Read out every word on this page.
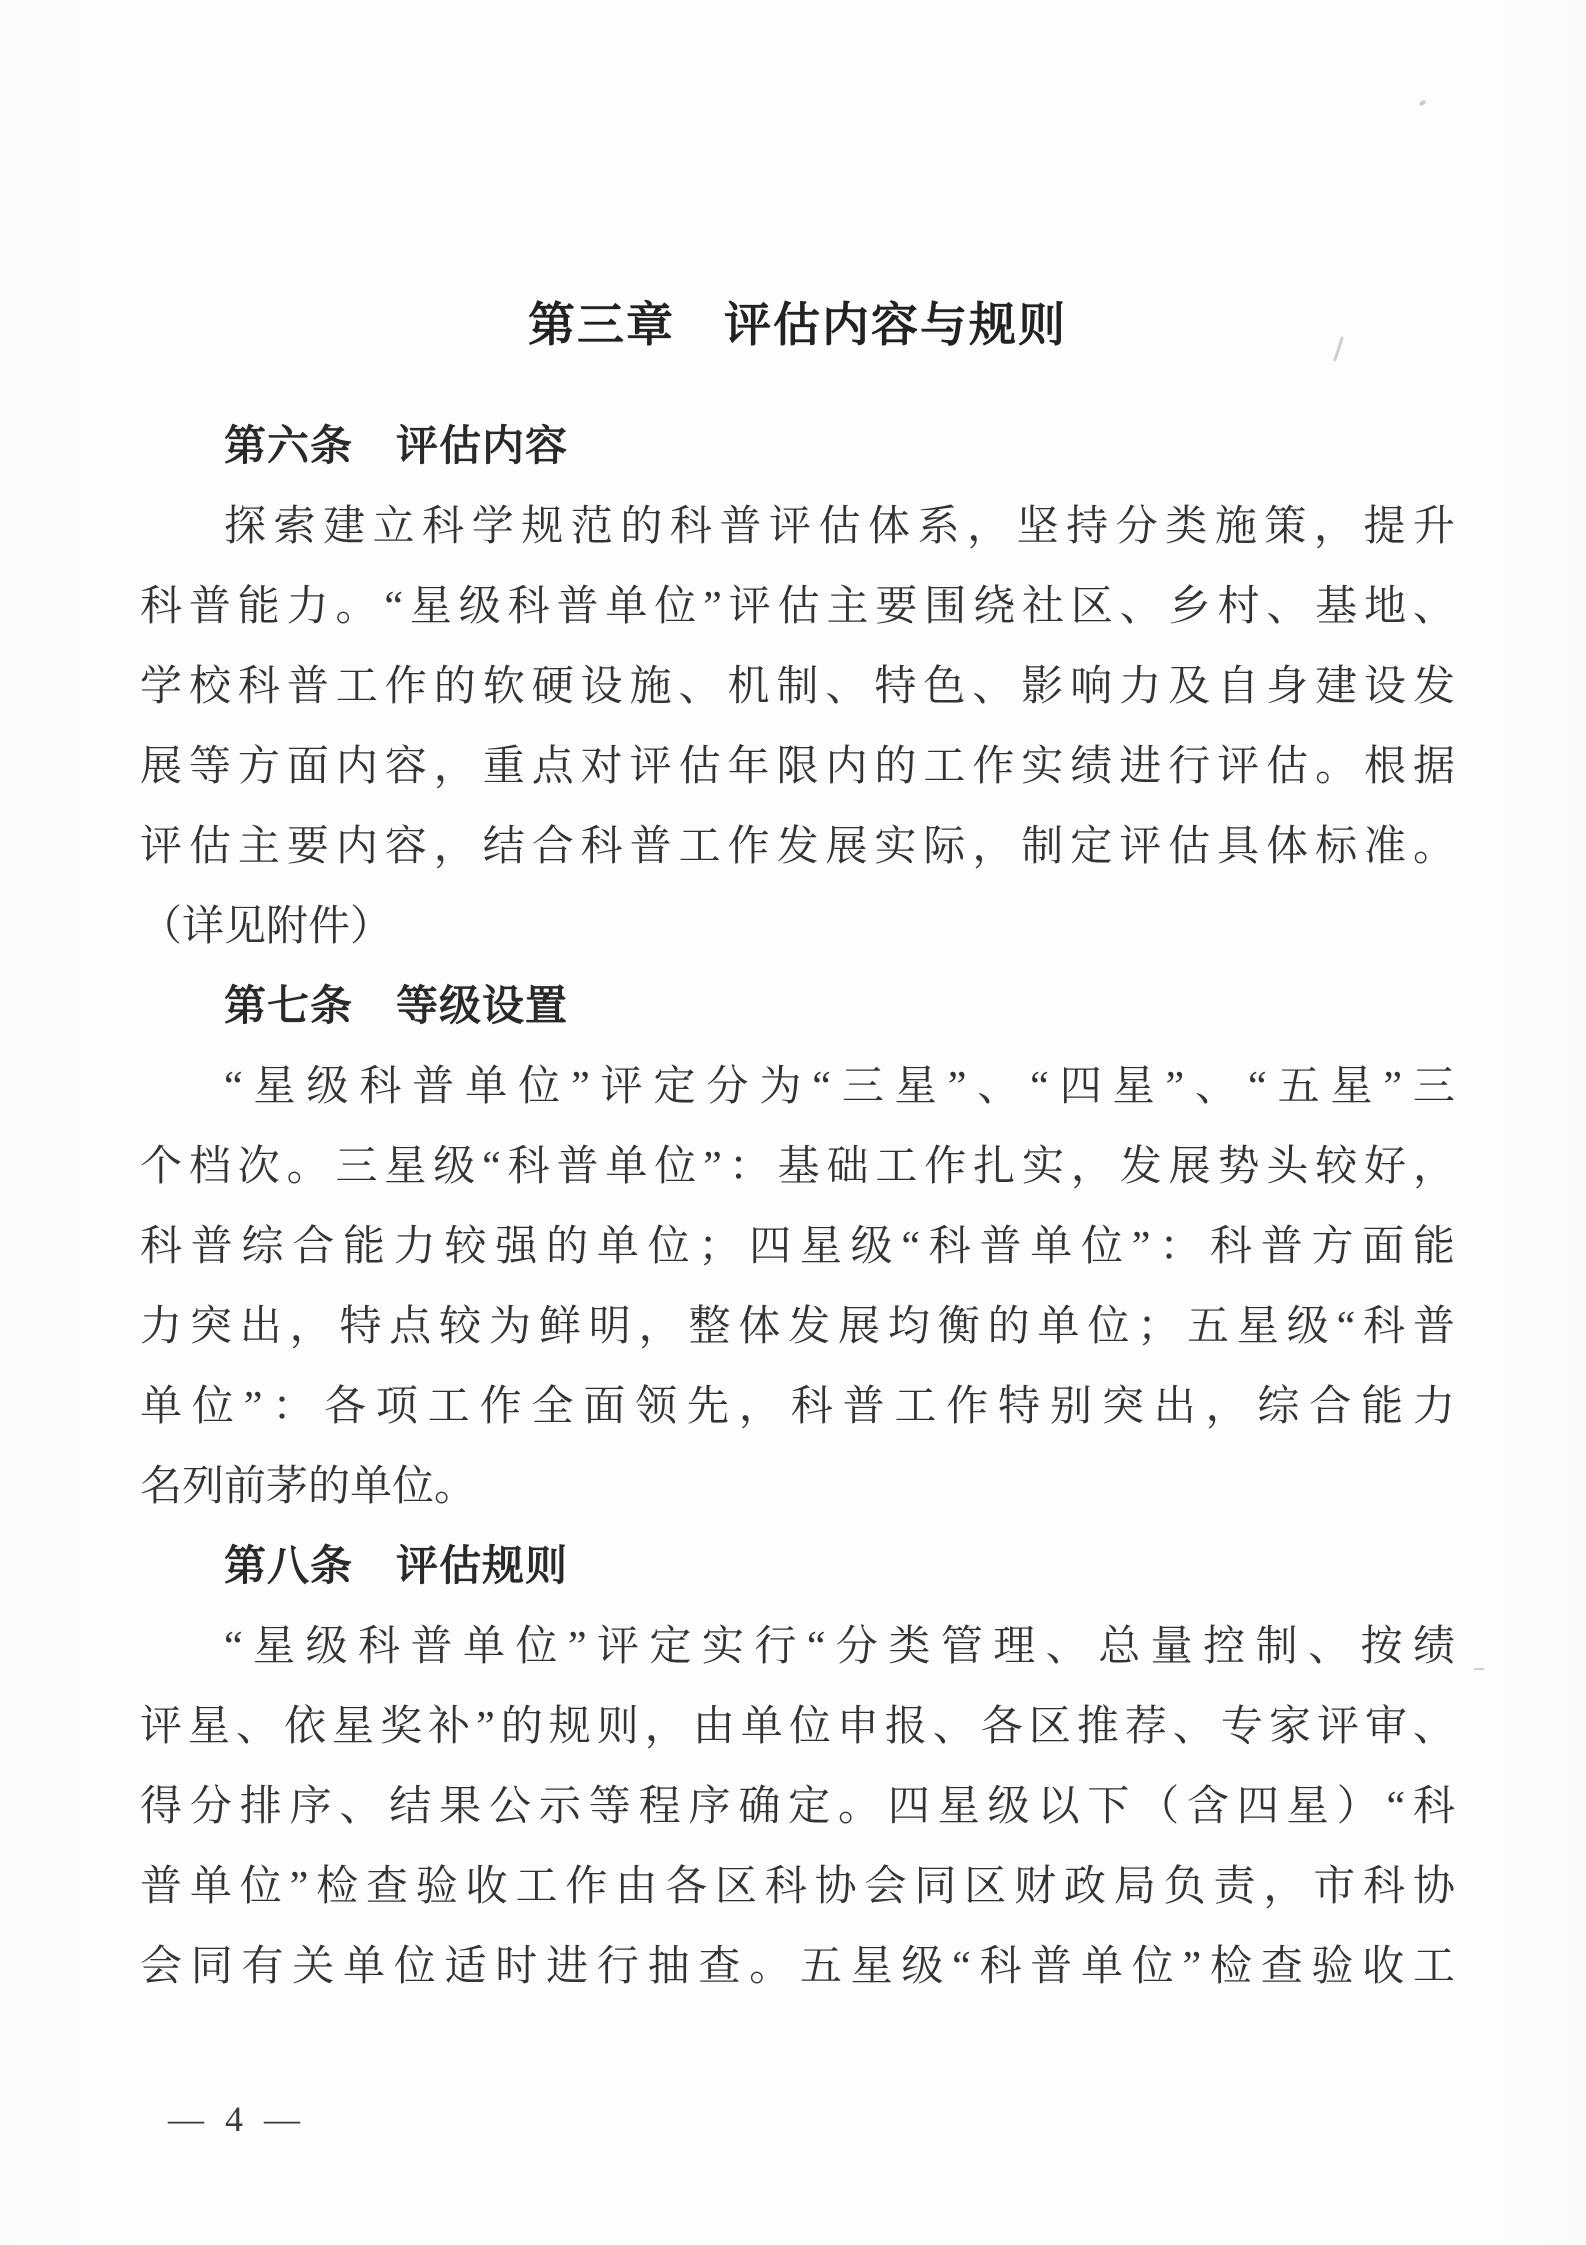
第三章　评估内容与规则
第六条　评估内容
探索建立科学规范的科普评估体系，坚持分类施策，提升
科普能力。“星级科普单位”评估主要围绕社区、乡村、基地、
学校科普工作的软硬设施、机制、特色、影响力及自身建设发
展等方面内容，重点对评估年限内的工作实绩进行评估。根据
评估主要内容，结合科普工作发展实际，制定评估具体标准。
（详见附件）
第七条　等级设置
“星级科普单位”评定分为“三星”、“四星”、“五星”三
个档次。三星级“科普单位”：基础工作扎实，发展势头较好，
科普综合能力较强的单位；四星级“科普单位”：科普方面能
力突出，特点较为鲜明，整体发展均衡的单位；五星级“科普
单位”：各项工作全面领先，科普工作特别突出，综合能力
名列前茅的单位。
第八条　评估规则
“星级科普单位”评定实行“分类管理、总量控制、按绩
评星、依星奖补”的规则，由单位申报、各区推荐、专家评审、
得分排序、结果公示等程序确定。四星级以下（含四星）“科
普单位”检查验收工作由各区科协会同区财政局负责，市科协
会同有关单位适时进行抽查。五星级“科普单位”检查验收工
— 4 —
